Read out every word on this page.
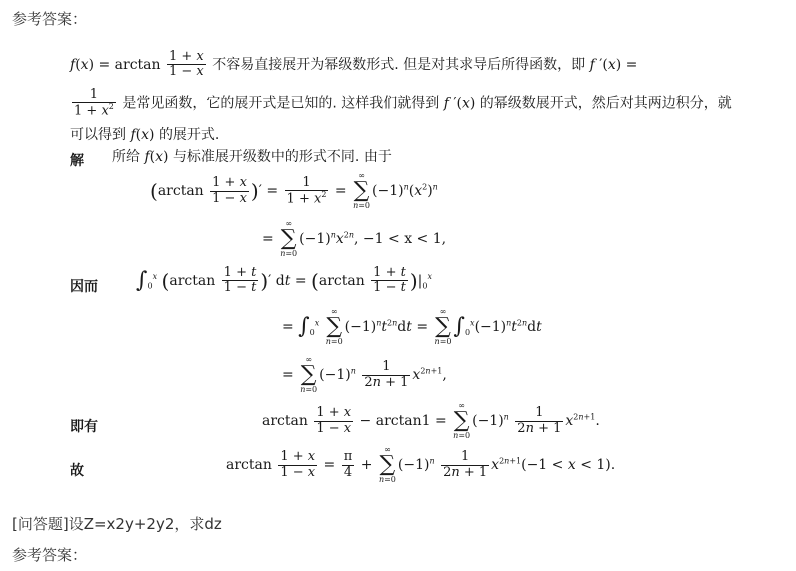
参考答案：
$f(x) = \arctan \frac{1 + x}{1 - x}$ 不容易直接展开为幂级数形式. 但是对其求导后所得函数，即 f ′(x) =
$\frac{1}{1 + x^2}$ 是常见函数，它的展开式是已知的. 这样我们就得到 f ′(x) 的幂级数展开式，然后对其两边积分，就
可以得到 f(x) 的展开式.
解 所给 f(x) 与标准展开级数中的形式不同. 由于
($\arctan \frac{1 + x}{1 - x}$ )′ = $\frac{1}{1 + x^2}$ =
∞
∑
n=0
$(-1)^n(x^2)^n$
=
∞
∑
n=0
$(-1)^nx^{2n}$, −1 < x < 1,
因而 $\int_0^x$ ($\arctan \frac{1 + t}{1 - t}$ )′ dt = $(\arctan \frac{1 + t}{1 - t} )|_0^x$
= $\int_0^x$
∞
∑
n=0
$(-1)^nt^{2n}dt$ =
∞
∑
n=0
$\int_0^x(-1)^nt^{2n}dt$
=
∞
∑
n=0
$(-1)^n \frac{1}{2n + 1} x^{2n+1}$,
即有	$\arctan \frac{1 + x}{1 - x} - \arctan 1$ =
∞
∑
n=0
$(-1)^n \frac{1}{2n + 1} x^{2n+1}$.
故	$\arctan \frac{1 + x}{1 - x} = \frac{\pi}{4}$ +
∞
∑
n=0
$(-1)^n \frac{1}{2n + 1} x^{2n+1}(-1 < x < 1)$.
[问答题]设Z=x2y+2y2，求dz
参考答案：
